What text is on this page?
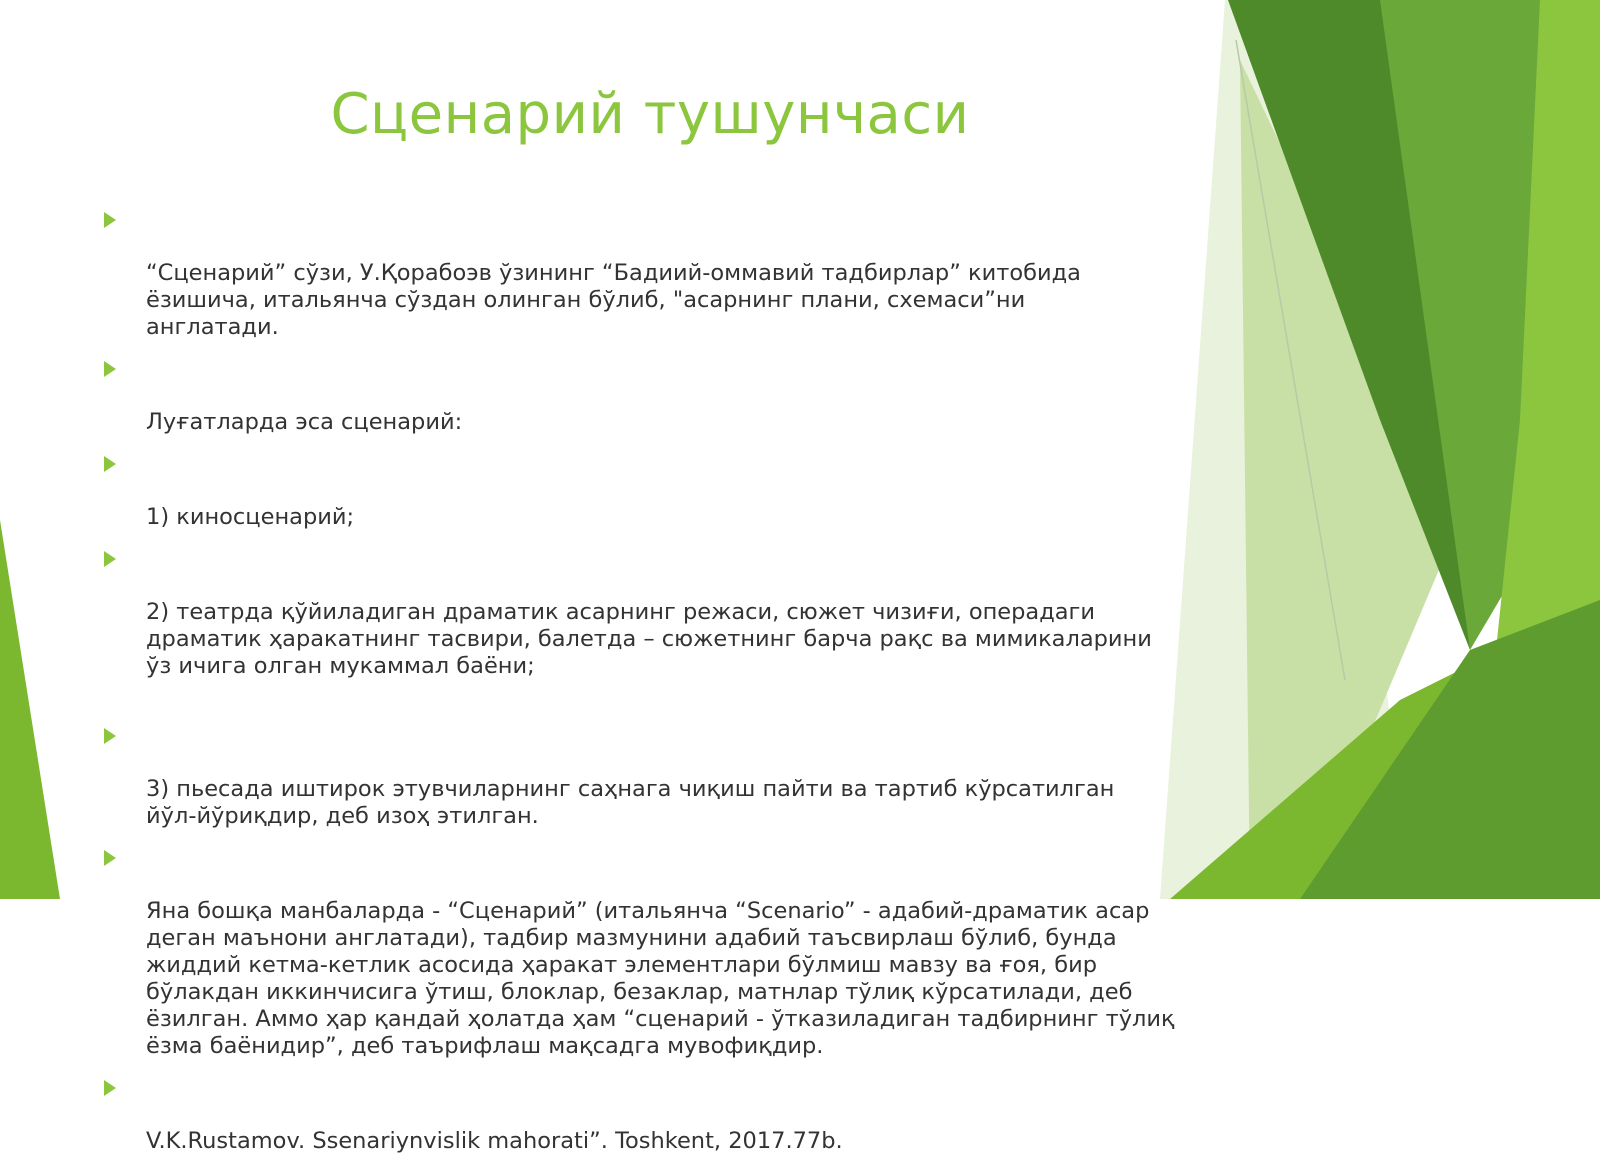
Сценарий тушунчаси

“Сценарий” сўзи, У.Қорабоэв ўзининг “Бадиий-оммавий тадбирлар” китобида
ёзишича, итальянча сўздан олинган бўлиб, "асарнинг плани, схемаси”ни
англатади.

Луғатларда эса сценарий:

1) киносценарий;

2) театрда қўйиладиган драматик асарнинг режаси, сюжет чизиғи, операдаги
драматик ҳаракатнинг тасвири, балетда – сюжетнинг барча рақс ва мимикаларини
ўз ичига олган мукаммал баёни;

3) пьесада иштирок этувчиларнинг саҳнага чиқиш пайти ва тартиб кўрсатилган
йўл-йўриқдир, деб изоҳ этилган.

Яна бошқа манбаларда - “Сценарий” (итальянча “Scenario” - адабий-драматик асар
деган маънони англатади), тадбир мазмунини адабий таъсвирлаш бўлиб, бунда
жиддий кетма-кетлик асосида ҳаракат элементлари бўлмиш мавзу ва ғоя, бир
бўлакдан иккинчисига ўтиш, блоклар, безаклар, матнлар тўлиқ кўрсатилади, деб
ёзилган. Аммо ҳар қандай ҳолатда ҳам “сценарий - ўтказиладиган тадбирнинг тўлиқ
ёзма баёнидир”, деб таърифлаш мақсадга мувофиқдир.

V.K.Rustamov. Ssenariynvislik mahorati”. Toshkent, 2017.77b.
